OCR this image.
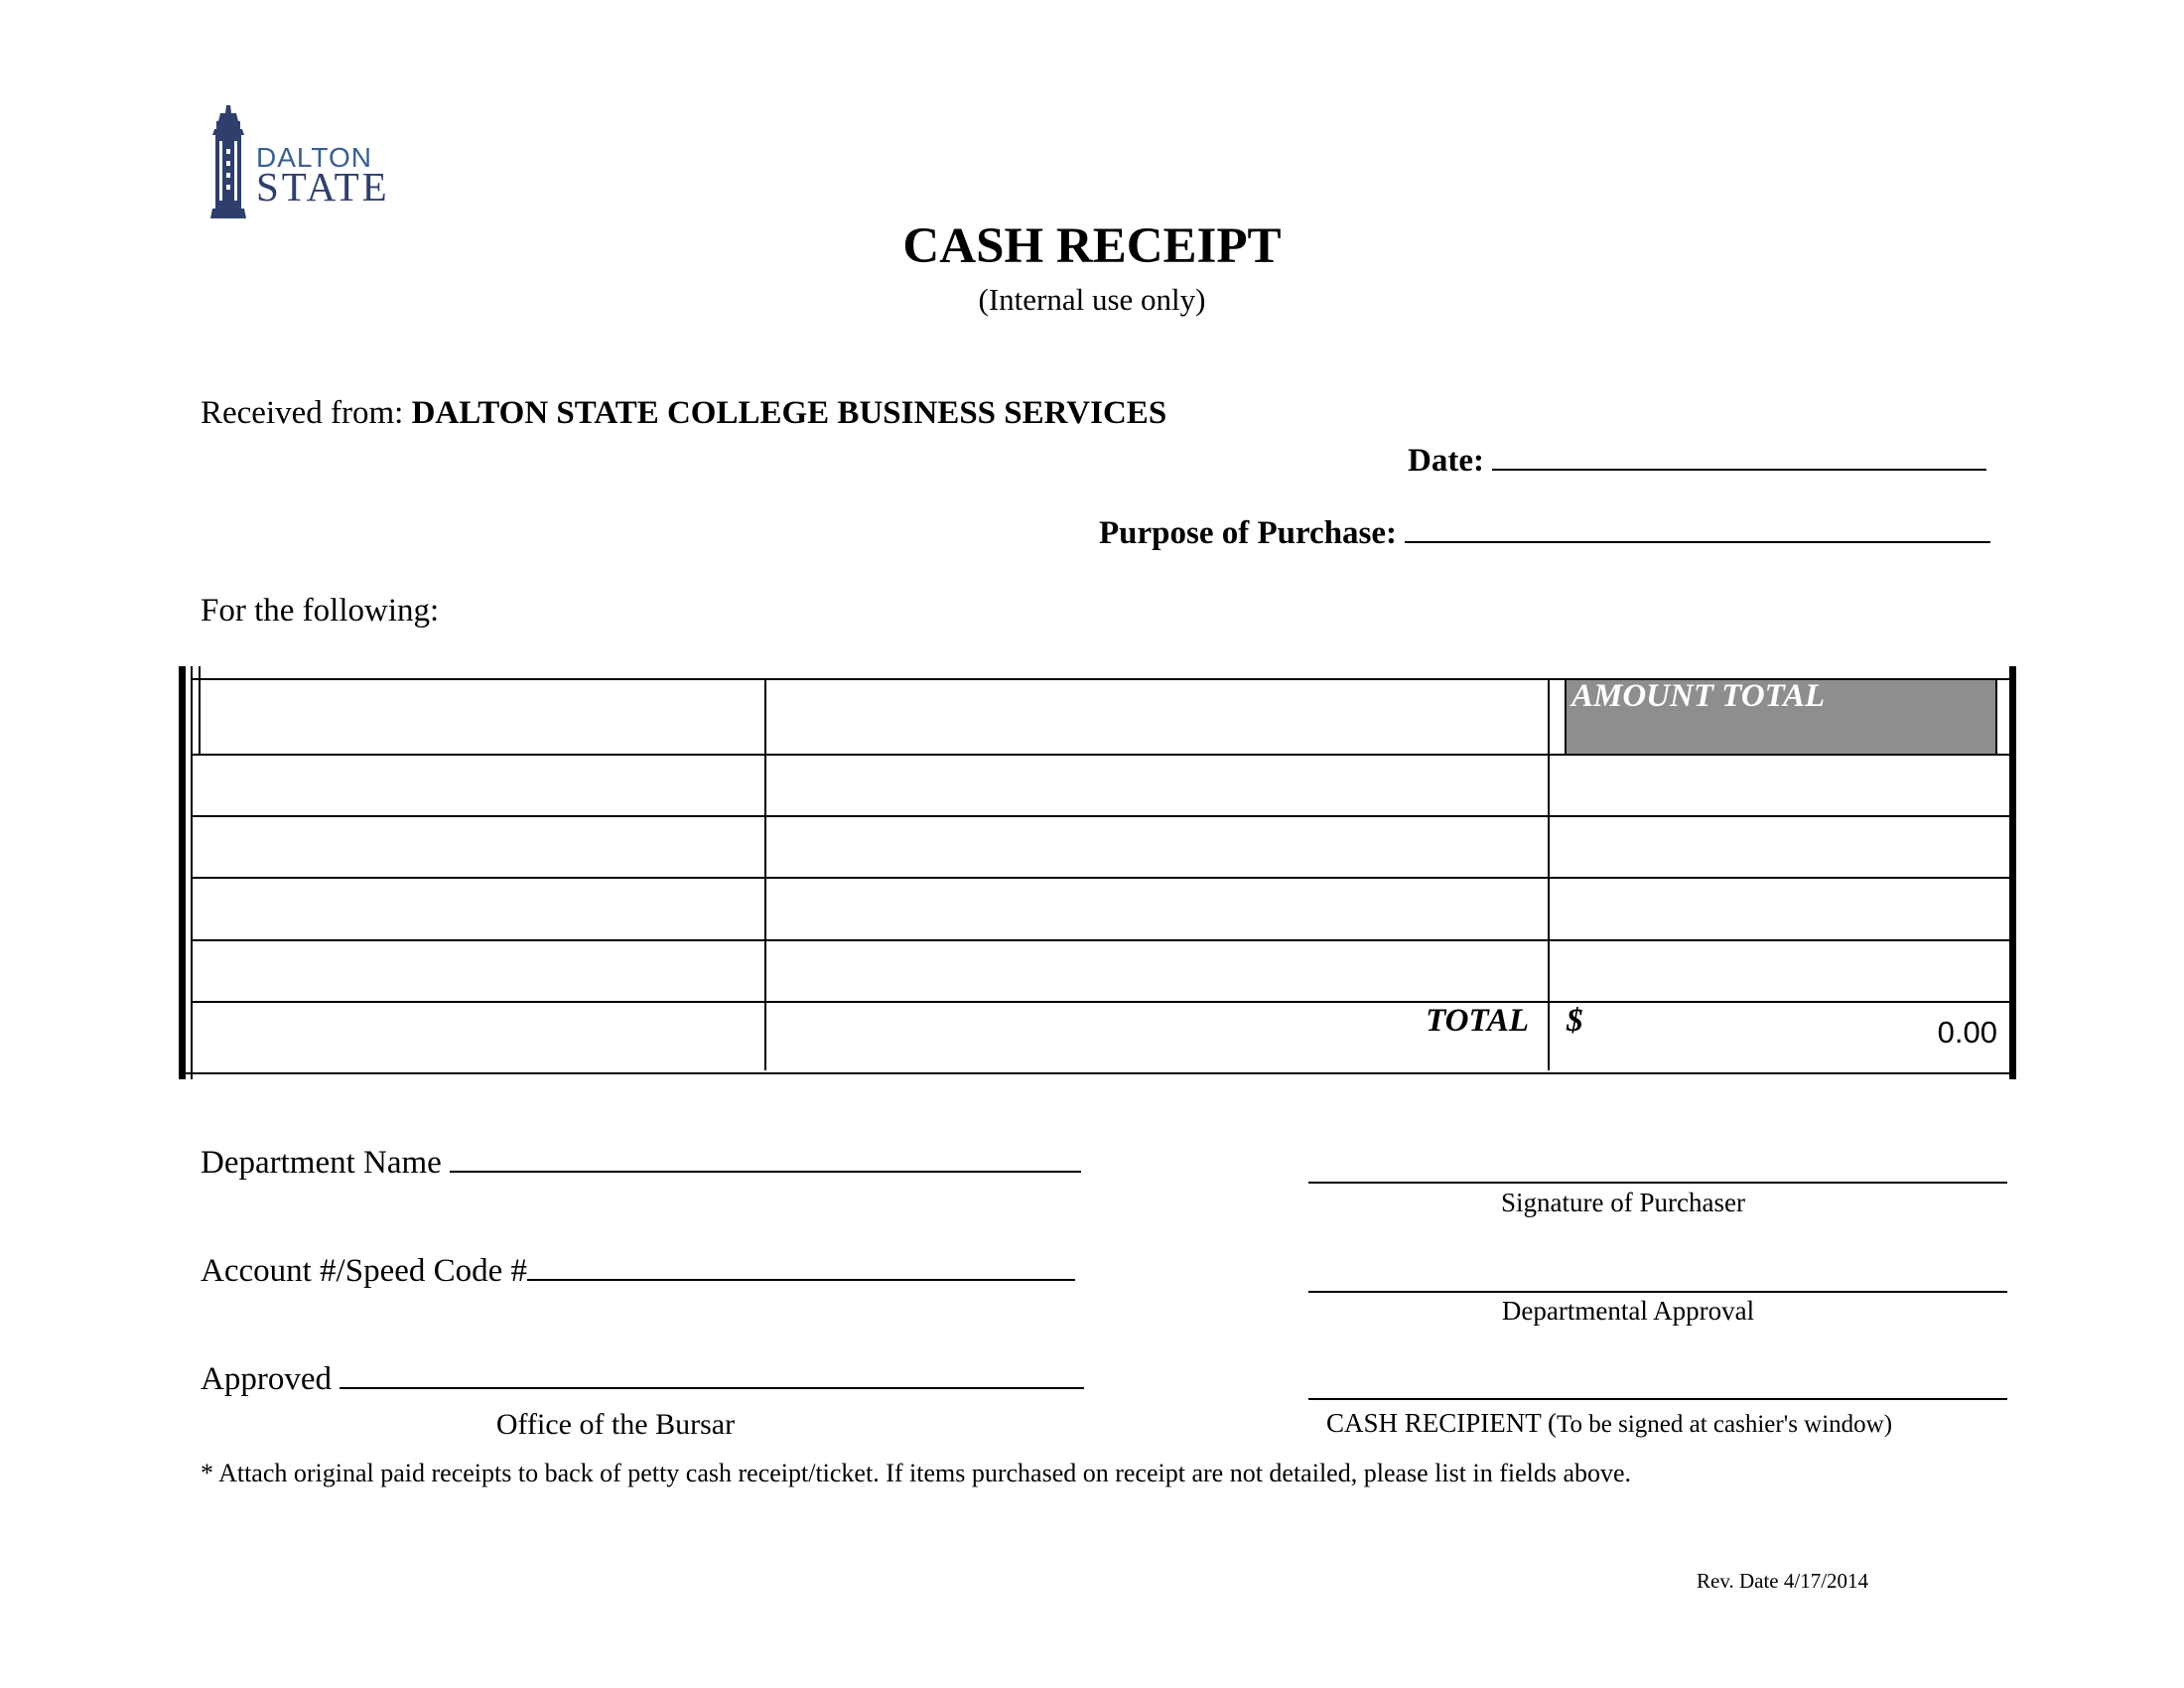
DALTON
STATE
CASH RECEIPT
(Internal use only)
Received from: DALTON STATE COLLEGE BUSINESS SERVICES
Date:
Purpose of Purchase:
For the following:
AMOUNT TOTAL
TOTAL $	0.00
Department Name
Signature of Purchaser
Account #/Speed Code #
Departmental Approval
Approved
Office of the Bursar	CASH RECIPIENT (To be signed at cashier's window)
* Attach original paid receipts to back of petty cash receipt/ticket. If items purchased on receipt are not detailed, please list in fields above.
Rev. Date 4/17/2014
